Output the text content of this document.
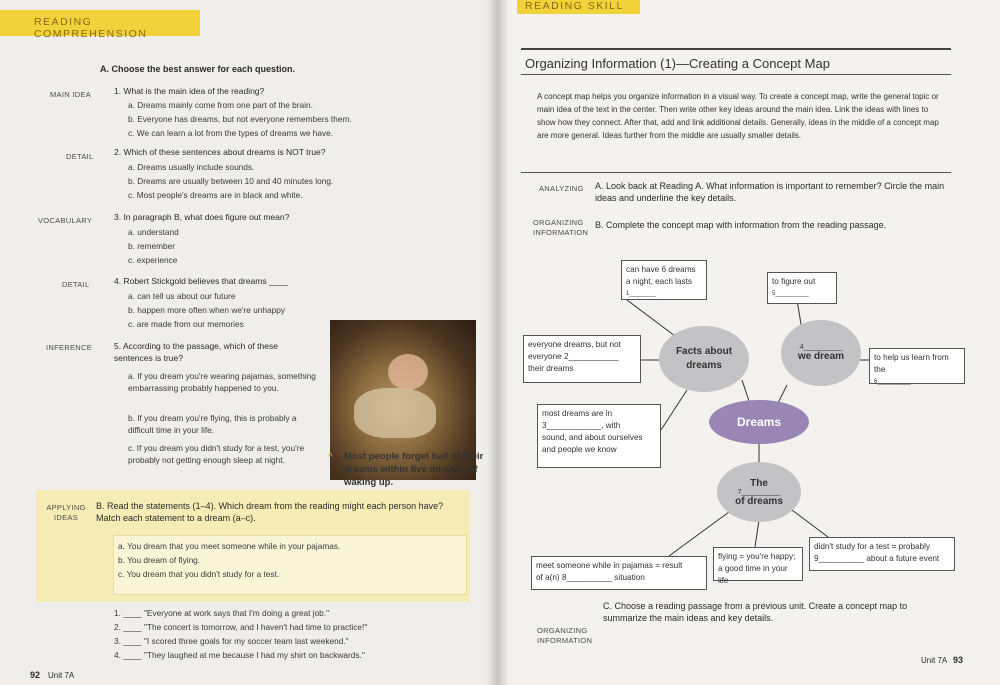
READING COMPREHENSION
A. Choose the best answer for each question.
MAIN IDEA	1. What is the main idea of the reading?
a. Dreams mainly come from one part of the brain.
b. Everyone has dreams, but not everyone remembers them.
c. We can learn a lot from the types of dreams we have.
DETAIL 2. Which of these sentences about dreams is NOT true?
a. Dreams usually include sounds.
b. Dreams are usually between 10 and 40 minutes long.
c. Most people's dreams are in black and white.
VOCABULARY	3. In paragraph B, what does figure out mean?
a. understand
b. remember
c. experience
DETAIL	4. Robert Stickgold believes that dreams ____
a. can tell us about our future
b. happen more often when we're unhappy
c. are made from our memories
INFERENCE	5. According to the passage, which of these sentences is true?
a. If you dream you're wearing pajamas, something embarrassing probably happened to you.
b. If you dream you're flying, this is probably a difficult time in your life.
c. If you dream you didn't study for a test, you're probably not getting enough sleep at night.	^ Most people forget half of their dreams within five minutes of waking up.
APPLYING IDEAS
B. Read the statements (1–4). Which dream from the reading might each person have? Match each statement to a dream (a–c).
a. You dream that you meet someone while in your pajamas.
b. You dream of flying.
c. You dream that you didn't study for a test.
1. ____ "Everyone at work says that I'm doing a great job."
2. ____ "The concert is tomorrow, and I haven't had time to practice!"
3. ____ "I scored three goals for my soccer team last weekend."
4. ____ "They laughed at me because I had my shirt on backwards."
92 Unit 7A
READING SKILL
Organizing Information (1)—Creating a Concept Map
A concept map helps you organize information in a visual way. To create a concept map, write the general topic or main idea of the text in the center. Then write other key ideas around the main idea. Link the ideas with lines to show how they connect. After that, add and link additional details. Generally, ideas in the middle of a concept map are more general. Ideas further from the middle are usually smaller details.
ANALYZING A. Look back at Reading A. What information is important to remember? Circle the main ideas and underline the key details.
ORGANIZING INFORMATION
B. Complete the concept map with information from the reading passage.
can have 6 dreams
a night, each lasts
1________
to figure out
5__________
everyone dreams, but not
everyone 2___________
their dreams
most dreams are in
3____________, with
sound, and about ourselves
and people we know
to help us learn from the
6__________
Facts about dreams
4__________
we dream
Dreams
The
7__________
of dreams
meet someone while in pajamas = result
of a(n) 8__________ situation
flying = you're happy;
a good time in your life
didn't study for a test = probably
9__________ about a future event
ORGANIZING INFORMATION
C. Choose a reading passage from a previous unit. Create a concept map to summarize the main ideas and key details.
Unit 7A 93
